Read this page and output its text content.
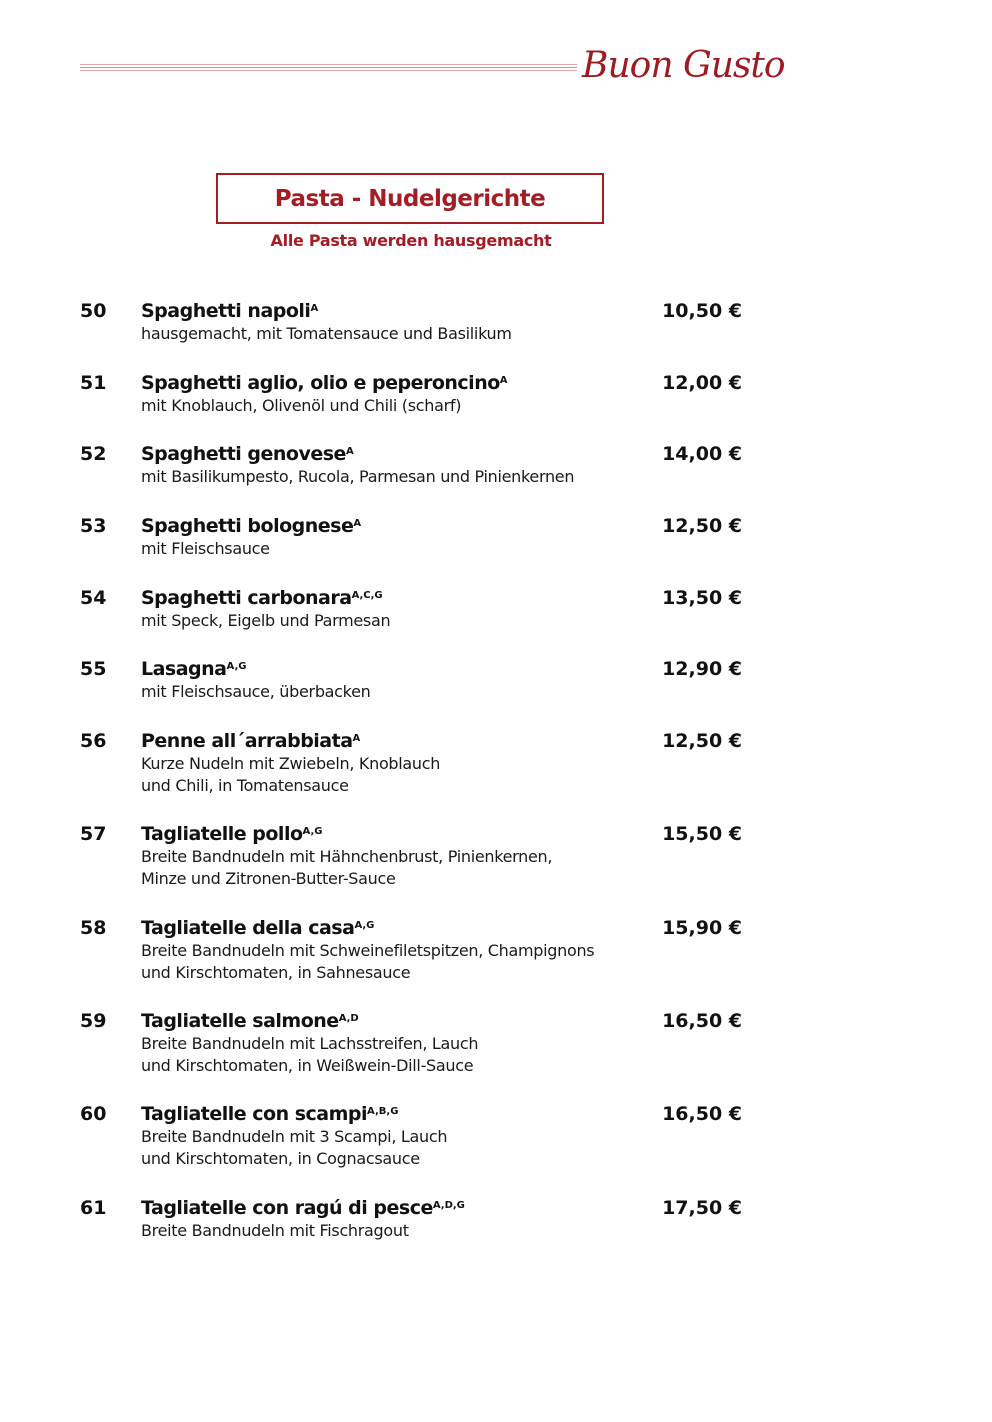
Buon Gusto
Pasta - Nudelgerichte
Alle Pasta werden hausgemacht
50 Spaghetti napoli$^A$	10,50 €
hausgemacht, mit Tomatensauce und Basilikum
51 Spaghetti aglio, olio e peperoncino$^A$	12,00 €
mit Knoblauch, Olivenöl und Chili (scharf)
52 Spaghetti genovese$^A$	14,00 €
mit Basilikumpesto, Rucola, Parmesan und Pinienkernen
53 Spaghetti bolognese$^A$	12,50 €
mit Fleischsauce
54 Spaghetti carbonara$^{A,C,G}$	13,50 €
mit Speck, Eigelb und Parmesan
55 Lasagna$^{A,G}$	12,90 €
mit Fleischsauce, überbacken
56 Penne all´arrabbiata$^A$	12,50 €
Kurze Nudeln mit Zwiebeln, Knoblauch
und Chili, in Tomatensauce
57 Tagliatelle pollo$^{A,G}$	15,50 €
Breite Bandnudeln mit Hähnchenbrust, Pinienkernen,
Minze und Zitronen-Butter-Sauce
58 Tagliatelle della casa$^{A,G}$	15,90 €
Breite Bandnudeln mit Schweinefiletspitzen, Champignons
und Kirschtomaten, in Sahnesauce
59 Tagliatelle salmone$^{A,D}$	16,50 €
Breite Bandnudeln mit Lachsstreifen, Lauch
und Kirschtomaten, in Weißwein-Dill-Sauce
60 Tagliatelle con scampi$^{A,B,G}$	16,50 €
Breite Bandnudeln mit 3 Scampi, Lauch
und Kirschtomaten, in Cognacsauce
61 Tagliatelle con ragú di pesce$^{A,D,G}$	17,50 €
Breite Bandnudeln mit Fischragout
